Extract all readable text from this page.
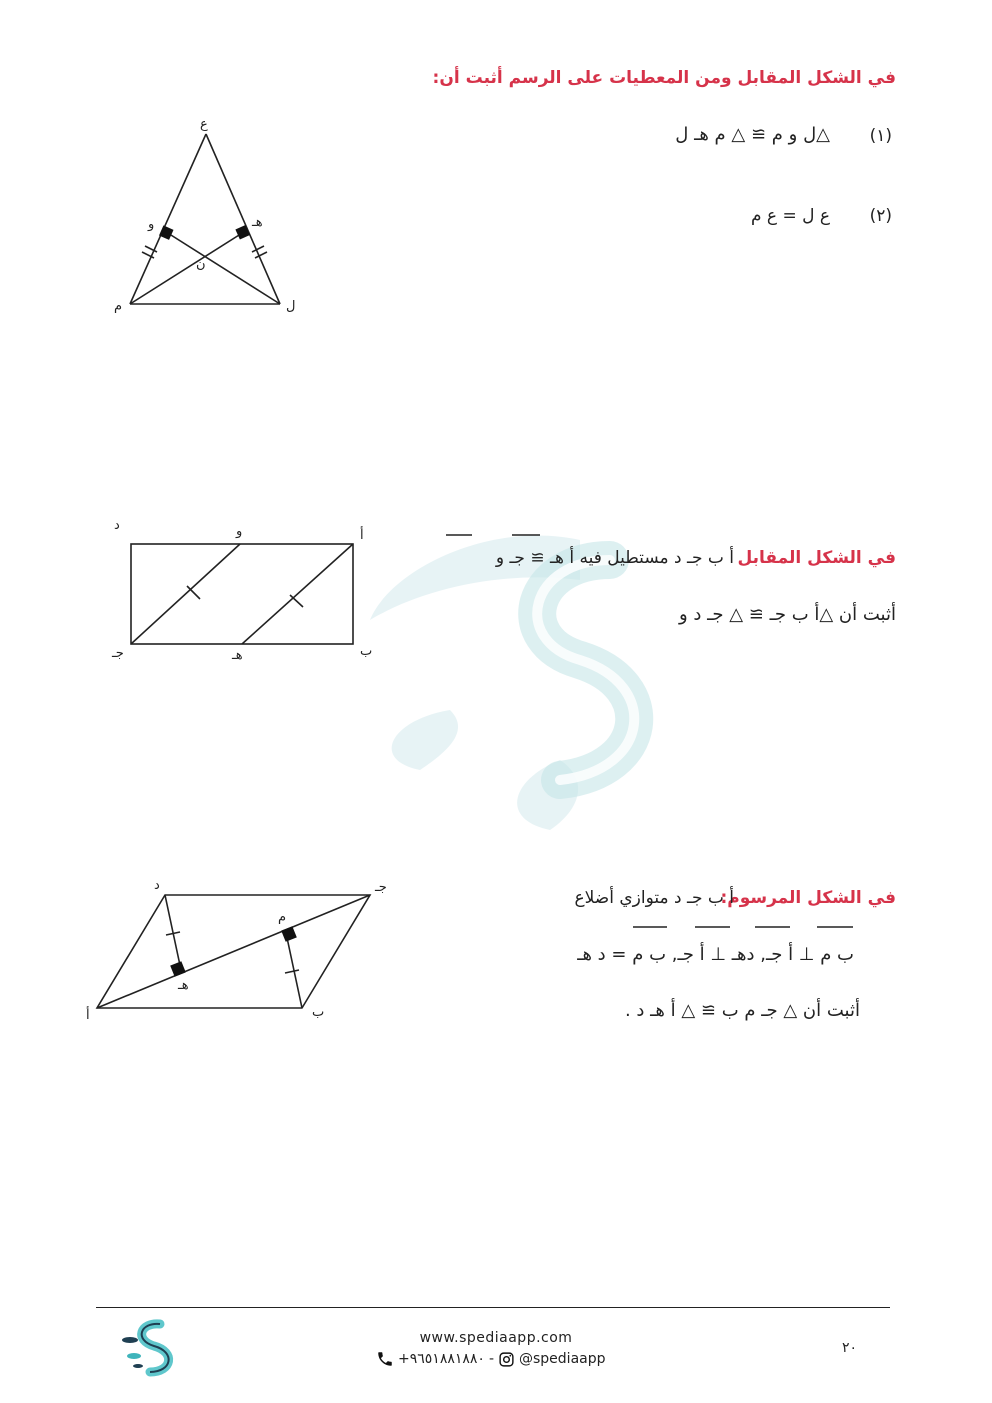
في الشكل المقابل ومن المعطيات على الرسم أثبت أن:
(١)
△ل و م ≅ △ م هـ ل
(٢)
ع ل = ع م
ع
و	هـ
ن
م	ل
في الشكل المقابل
أ ب جـ د مستطيل فيه أ هـ ≅ جـ و
أثبت أن △أ ب جـ ≅ △ جـ د و
أ
و
د
جـ	هـ	ب
في الشكل المرسوم:
أ ب جـ د متوازي أضلاع
ب م ⊥ أ جـ, دهـ ⊥ أ جـ, ب م = د هـ
أثبت أن △ جـ م ب ≅ △ أ هـ د .
د	جـ
م
هـ
أ	ب
www.spediaapp.com
+٩٦٥١٨٨١٨٨٠ - @spediaapp
٢٠
